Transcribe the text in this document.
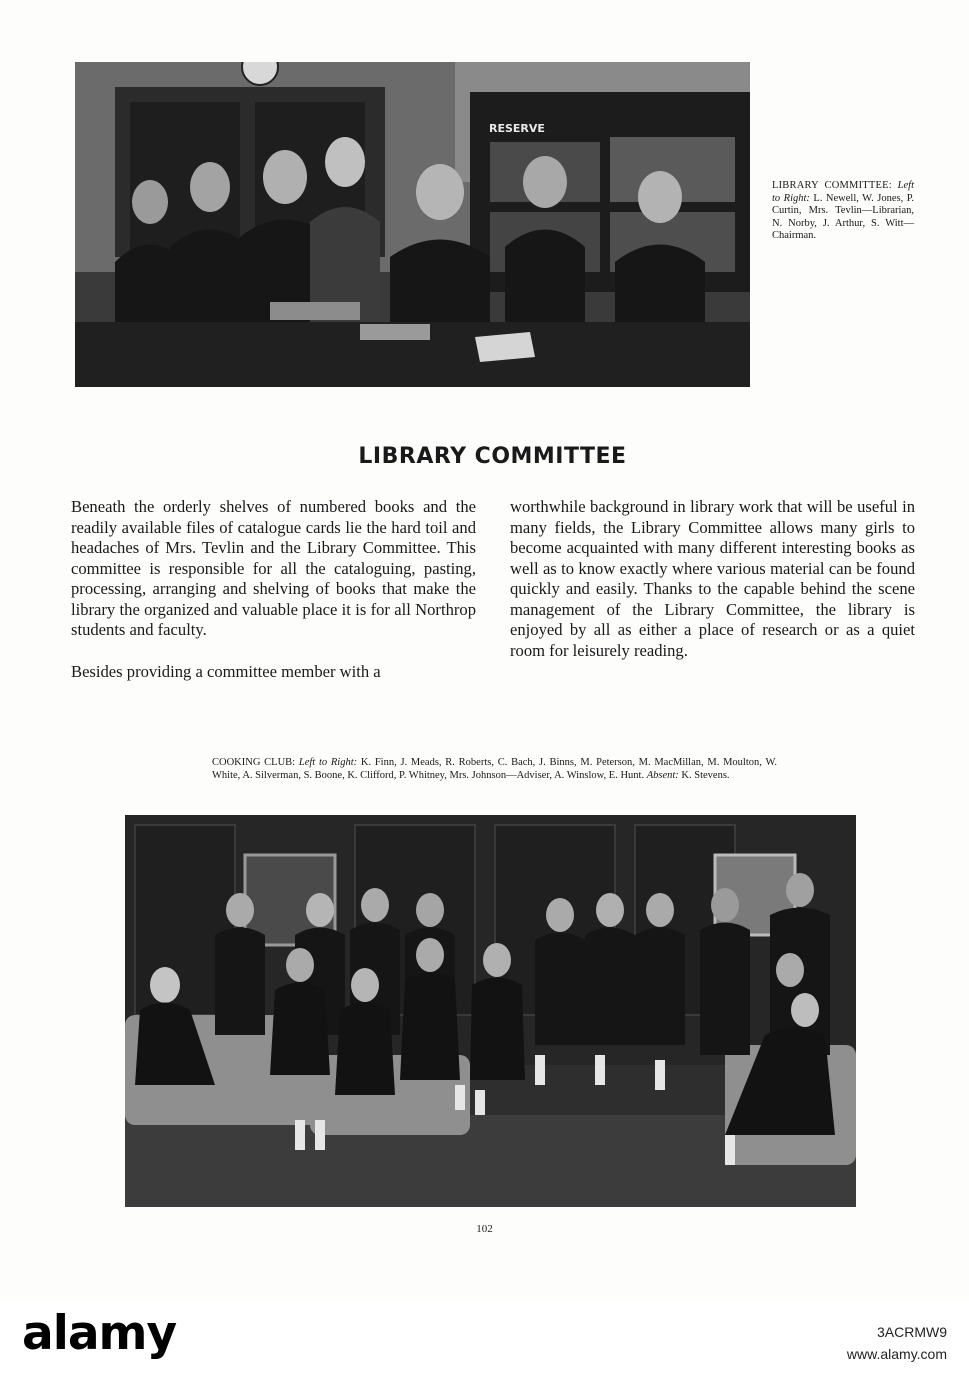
RESERVE
LIBRARY COMMITTEE: Left to Right: L. Newell, W. Jones, P. Curtin, Mrs. Tevlin—Librarian, N. Norby, J. Arthur, S. Witt—Chairman.
LIBRARY COMMITTEE

Beneath the orderly shelves of numbered books and the readily available files of catalogue cards lie the hard toil and headaches of Mrs. Tevlin and the Library Committee. This committee is responsible for all the cataloguing, pasting, processing, arranging and shelving of books that make the library the organized and valuable place it is for all Northrop students and faculty.

Besides providing a committee member with a

worthwhile background in library work that will be useful in many fields, the Library Committee allows many girls to become acquainted with many different interesting books as well as to know exactly where various material can be found quickly and easily. Thanks to the capable behind the scene management of the Library Committee, the library is enjoyed by all as either a place of research or as a quiet room for leisurely reading.

COOKING CLUB: Left to Right: K. Finn, J. Meads, R. Roberts, C. Bach, J. Binns, M. Peterson, M. MacMillan, M. Moulton, W. White, A. Silverman, S. Boone, K. Clifford, P. Whitney, Mrs. Johnson—Adviser, A. Winslow, E. Hunt. Absent: K. Stevens.
102
alamy	3ACRMW9
www.alamy.com
